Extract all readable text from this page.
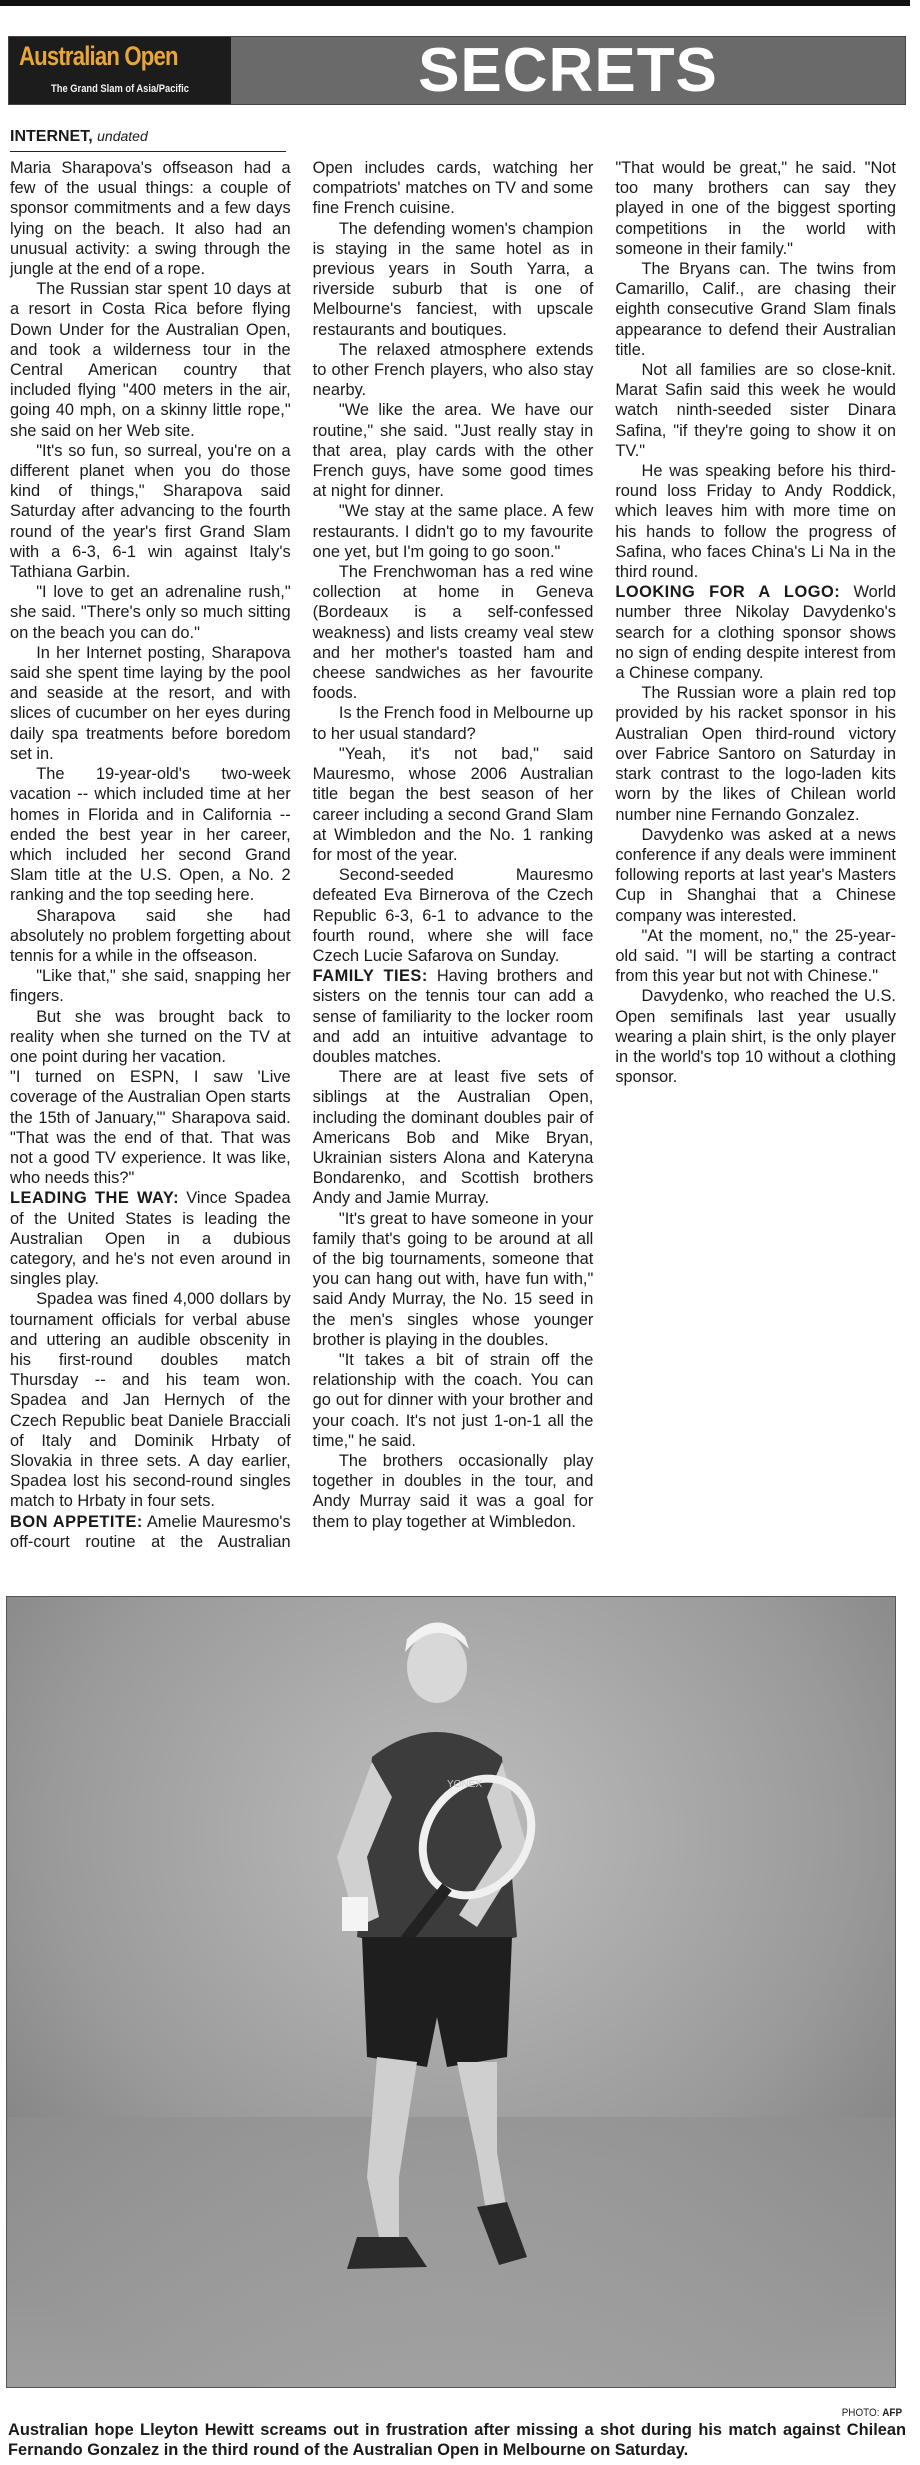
Australian Open
The Grand Slam of Asia/Pacific	SECRETS
INTERNET, undated

Maria Sharapova's offseason had a few of the usual things: a couple of sponsor commitments and a few days lying on the beach. It also had an unusual activity: a swing through the jungle at the end of a rope.

The Russian star spent 10 days at a resort in Costa Rica before flying Down Under for the Australian Open, and took a wilderness tour in the Central American country that included flying "400 meters in the air, going 40 mph, on a skinny little rope," she said on her Web site.

"It's so fun, so surreal, you're on a different planet when you do those kind of things," Sharapova said Saturday after advancing to the fourth round of the year's first Grand Slam with a 6-3, 6-1 win against Italy's Tathiana Garbin.

"I love to get an adrenaline rush," she said. "There's only so much sitting on the beach you can do."

In her Internet posting, Sharapova said she spent time laying by the pool and seaside at the resort, and with slices of cucumber on her eyes during daily spa treatments before boredom set in.

The 19-year-old's two-week vacation -- which included time at her homes in Florida and in California -- ended the best year in her career, which included her second Grand Slam title at the U.S. Open, a No. 2 ranking and the top seeding here.

Sharapova said she had absolutely no problem forgetting about tennis for a while in the offseason.

"Like that," she said, snapping her fingers.

But she was brought back to reality when she turned on the TV at one point during her vacation.

"I turned on ESPN, I saw 'Live coverage of the Australian Open starts the 15th of January,"' Sharapova said. "That was the end of that. That was not a good TV experience. It was like, who needs this?"

LEADING THE WAY: Vince Spadea of the United States is leading the Australian Open in a dubious category, and he's not even around in singles play.

Spadea was fined 4,000 dollars by tournament officials for verbal abuse and uttering an audible obscenity in his first-round doubles match Thursday -- and his team won. Spadea and Jan Hernych of the Czech Republic beat Daniele Bracciali of Italy and Dominik Hrbaty of Slovakia in three sets. A day earlier, Spadea lost his second-round singles match to Hrbaty in four sets.

BON APPETITE: Amelie Mauresmo's off-court routine at the Australian Open includes cards, watching her compatriots' matches on TV and some fine French cuisine.

The defending women's champion is staying in the same hotel as in previous years in South Yarra, a riverside suburb that is one of Melbourne's fanciest, with upscale restaurants and boutiques.

The relaxed atmosphere extends to other French players, who also stay nearby.

"We like the area. We have our routine," she said. "Just really stay in that area, play cards with the other French guys, have some good times at night for dinner.

"We stay at the same place. A few restaurants. I didn't go to my favourite one yet, but I'm going to go soon."

The Frenchwoman has a red wine collection at home in Geneva (Bordeaux is a self-confessed weakness) and lists creamy veal stew and her mother's toasted ham and cheese sandwiches as her favourite foods.

Is the French food in Melbourne up to her usual standard?

"Yeah, it's not bad," said Mauresmo, whose 2006 Australian title began the best season of her career including a second Grand Slam at Wimbledon and the No. 1 ranking for most of the year.

Second-seeded Mauresmo defeated Eva Birnerova of the Czech Republic 6-3, 6-1 to advance to the fourth round, where she will face Czech Lucie Safarova on Sunday.

FAMILY TIES: Having brothers and sisters on the tennis tour can add a sense of familiarity to the locker room and add an intuitive advantage to doubles matches.

There are at least five sets of siblings at the Australian Open, including the dominant doubles pair of Americans Bob and Mike Bryan, Ukrainian sisters Alona and Kateryna Bondarenko, and Scottish brothers Andy and Jamie Murray.

"It's great to have someone in your family that's going to be around at all of the big tournaments, someone that you can hang out with, have fun with," said Andy Murray, the No. 15 seed in the men's singles whose younger brother is playing in the doubles.

"It takes a bit of strain off the relationship with the coach. You can go out for dinner with your brother and your coach. It's not just 1-on-1 all the time," he said.

The brothers occasionally play together in doubles in the tour, and Andy Murray said it was a goal for them to play together at Wimbledon.

"That would be great," he said. "Not too many brothers can say they played in one of the biggest sporting competitions in the world with someone in their family."

The Bryans can. The twins from Camarillo, Calif., are chasing their eighth consecutive Grand Slam finals appearance to defend their Australian title.

Not all families are so close-knit. Marat Safin said this week he would watch ninth-seeded sister Dinara Safina, "if they're going to show it on TV."

He was speaking before his third-round loss Friday to Andy Roddick, which leaves him with more time on his hands to follow the progress of Safina, who faces China's Li Na in the third round.

LOOKING FOR A LOGO: World number three Nikolay Davydenko's search for a clothing sponsor shows no sign of ending despite interest from a Chinese company.

The Russian wore a plain red top provided by his racket sponsor in his Australian Open third-round victory over Fabrice Santoro on Saturday in stark contrast to the logo-laden kits worn by the likes of Chilean world number nine Fernando Gonzalez.

Davydenko was asked at a news conference if any deals were imminent following reports at last year's Masters Cup in Shanghai that a Chinese company was interested.

"At the moment, no," the 25-year-old said. "I will be starting a contract from this year but not with Chinese."

Davydenko, who reached the U.S. Open semifinals last year usually wearing a plain shirt, is the only player in the world's top 10 without a clothing sponsor.

YONEX
PHOTO: AFP
Australian hope Lleyton Hewitt screams out in frustration after missing a shot during his match against Chilean Fernando Gonzalez in the third round of the Australian Open in Melbourne on Saturday.
